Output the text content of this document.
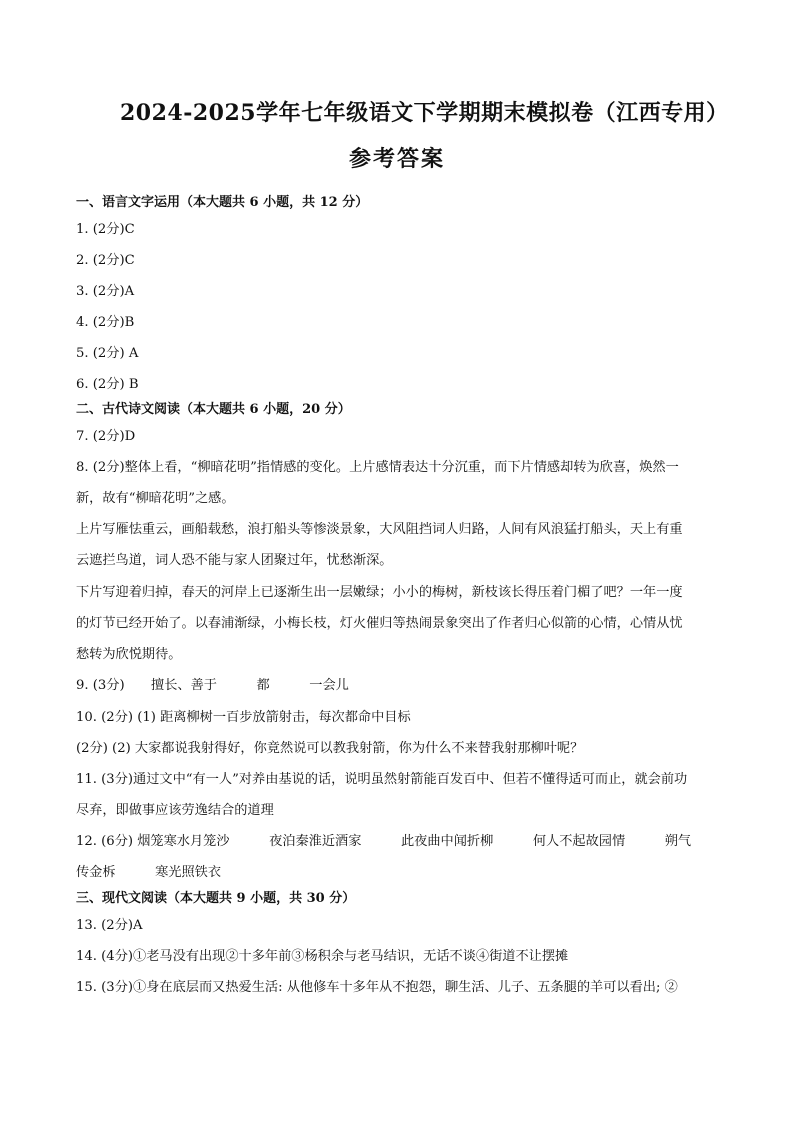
2024-2025学年七年级语文下学期期末模拟卷（江西专用）
参考答案
一、语言文字运用（本大题共 6 小题，共 12 分）
1. (2分)C
2. (2分)C
3. (2分)A
4. (2分)B
5. (2分) A
6. (2分) B
二、古代诗文阅读（本大题共 6 小题，20 分）
7. (2分)D
8. (2分)整体上看，“柳暗花明”指情感的变化。上片感情表达十分沉重，而下片情感却转为欣喜，焕然一
新，故有“柳暗花明”之感。
上片写雁怯重云，画船载愁，浪打船头等惨淡景象，大风阻挡词人归路，人间有风浪猛打船头，天上有重
云遮拦鸟道，词人恐不能与家人团聚过年，忧愁渐深。
下片写迎着归掉，春天的河岸上已逐渐生出一层嫩绿；小小的梅树，新枝该长得压着门楣了吧？一年一度
的灯节已经开始了。以春浦渐绿，小梅长枝，灯火催归等热闹景象突出了作者归心似箭的心情，心情从忧
愁转为欣悦期待。
9. (3分)　　擅长、善于　　　都　　　一会儿
10. (2分) (1) 距离柳树一百步放箭射击，每次都命中目标
(2分) (2) 大家都说我射得好，你竟然说可以教我射箭，你为什么不来替我射那柳叶呢？
11. (3分)通过文中“有一人”对养由基说的话，说明虽然射箭能百发百中、但若不懂得适可而止，就会前功
尽弃，即做事应该劳逸结合的道理
12. (6分) 烟笼寒水月笼沙　　　夜泊秦淮近酒家　　　此夜曲中闻折柳　　　何人不起故园情　　　朔气
传金柝　　　寒光照铁衣
三、现代文阅读（本大题共 9 小题，共 30 分）
13. (2分)A
14. (4分)①老马没有出现②十多年前③杨积余与老马结识，无话不谈④街道不让摆摊
15. (3分)①身在底层而又热爱生活: 从他修车十多年从不抱怨，聊生活、儿子、五条腿的羊可以看出; ②
